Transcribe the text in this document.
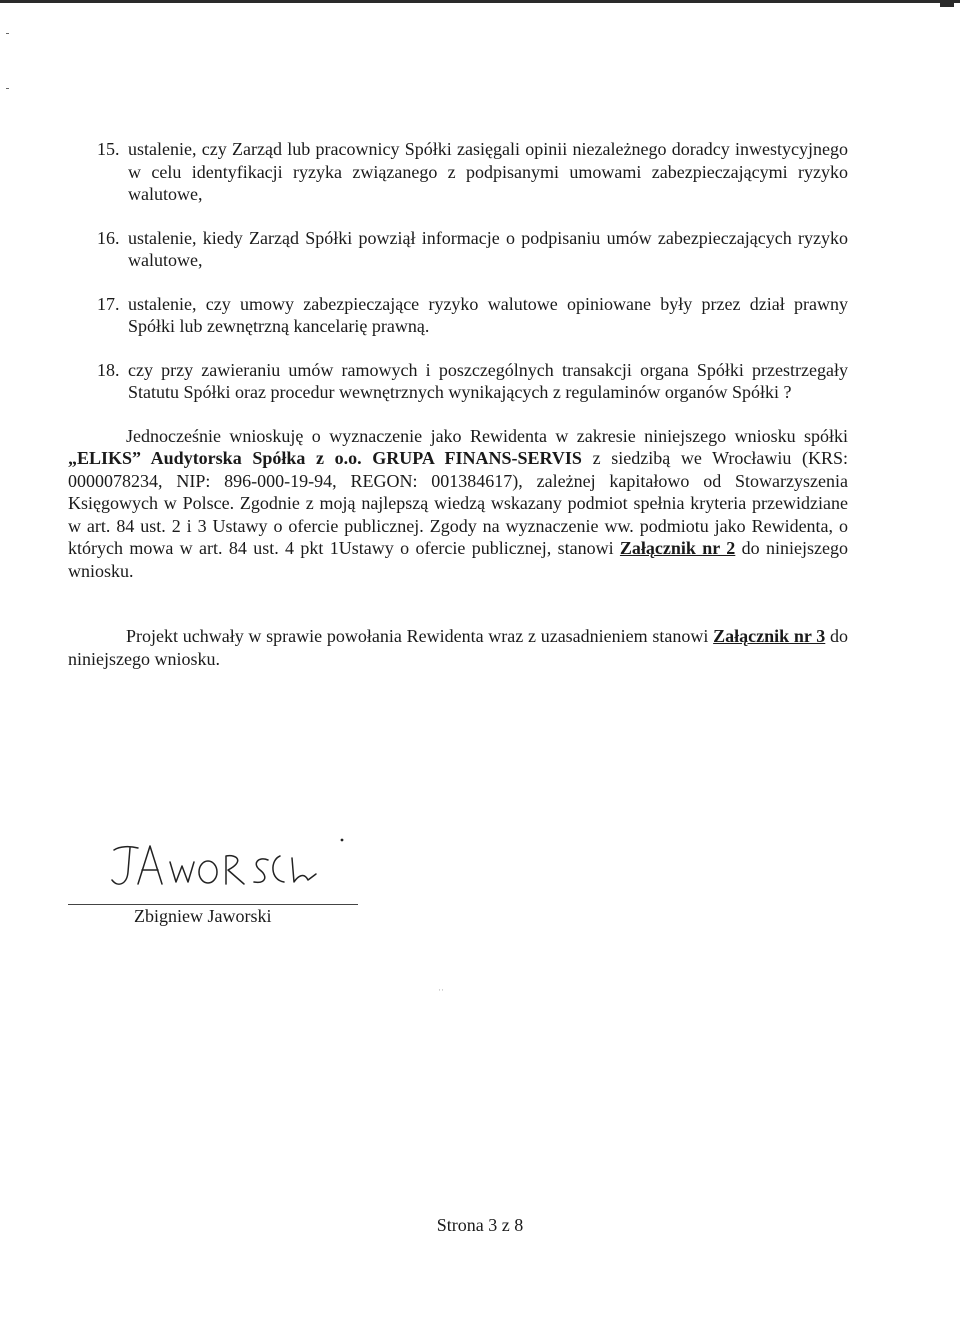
15. ustalenie, czy Zarząd lub pracownicy Spółki zasięgali opinii niezależnego doradcy inwestycyjnego w celu identyfikacji ryzyka związanego z podpisanymi umowami zabezpieczającymi ryzyko walutowe,
16. ustalenie, kiedy Zarząd Spółki powziął informacje o podpisaniu umów zabezpieczających ryzyko walutowe,
17. ustalenie, czy umowy zabezpieczające ryzyko walutowe opiniowane były przez dział prawny Spółki lub zewnętrzną kancelarię prawną.
18. czy przy zawieraniu umów ramowych i poszczególnych transakcji organa Spółki przestrzegały Statutu Spółki oraz procedur wewnętrznych wynikających z regulaminów organów Spółki ?

Jednocześnie wnioskuję o wyznaczenie jako Rewidenta w zakresie niniejszego wniosku spółki „ELIKS” Audytorska Spółka z o.o. GRUPA FINANS-SERVIS z siedzibą we Wrocławiu (KRS: 0000078234, NIP: 896-000-19-94, REGON: 001384617), zależnej kapitałowo od Stowarzyszenia Księgowych w Polsce. Zgodnie z moją najlepszą wiedzą wskazany podmiot spełnia kryteria przewidziane w art. 84 ust. 2 i 3 Ustawy o ofercie publicznej. Zgody na wyznaczenie ww. podmiotu jako Rewidenta, o których mowa w art. 84 ust. 4 pkt 1Ustawy o ofercie publicznej, stanowi Załącznik nr 2 do niniejszego wniosku.

Projekt uchwały w sprawie powołania Rewidenta wraz z uzasadnieniem stanowi Załącznik nr 3 do niniejszego wniosku.

Zbigniew Jaworski
··
Strona 3 z 8
